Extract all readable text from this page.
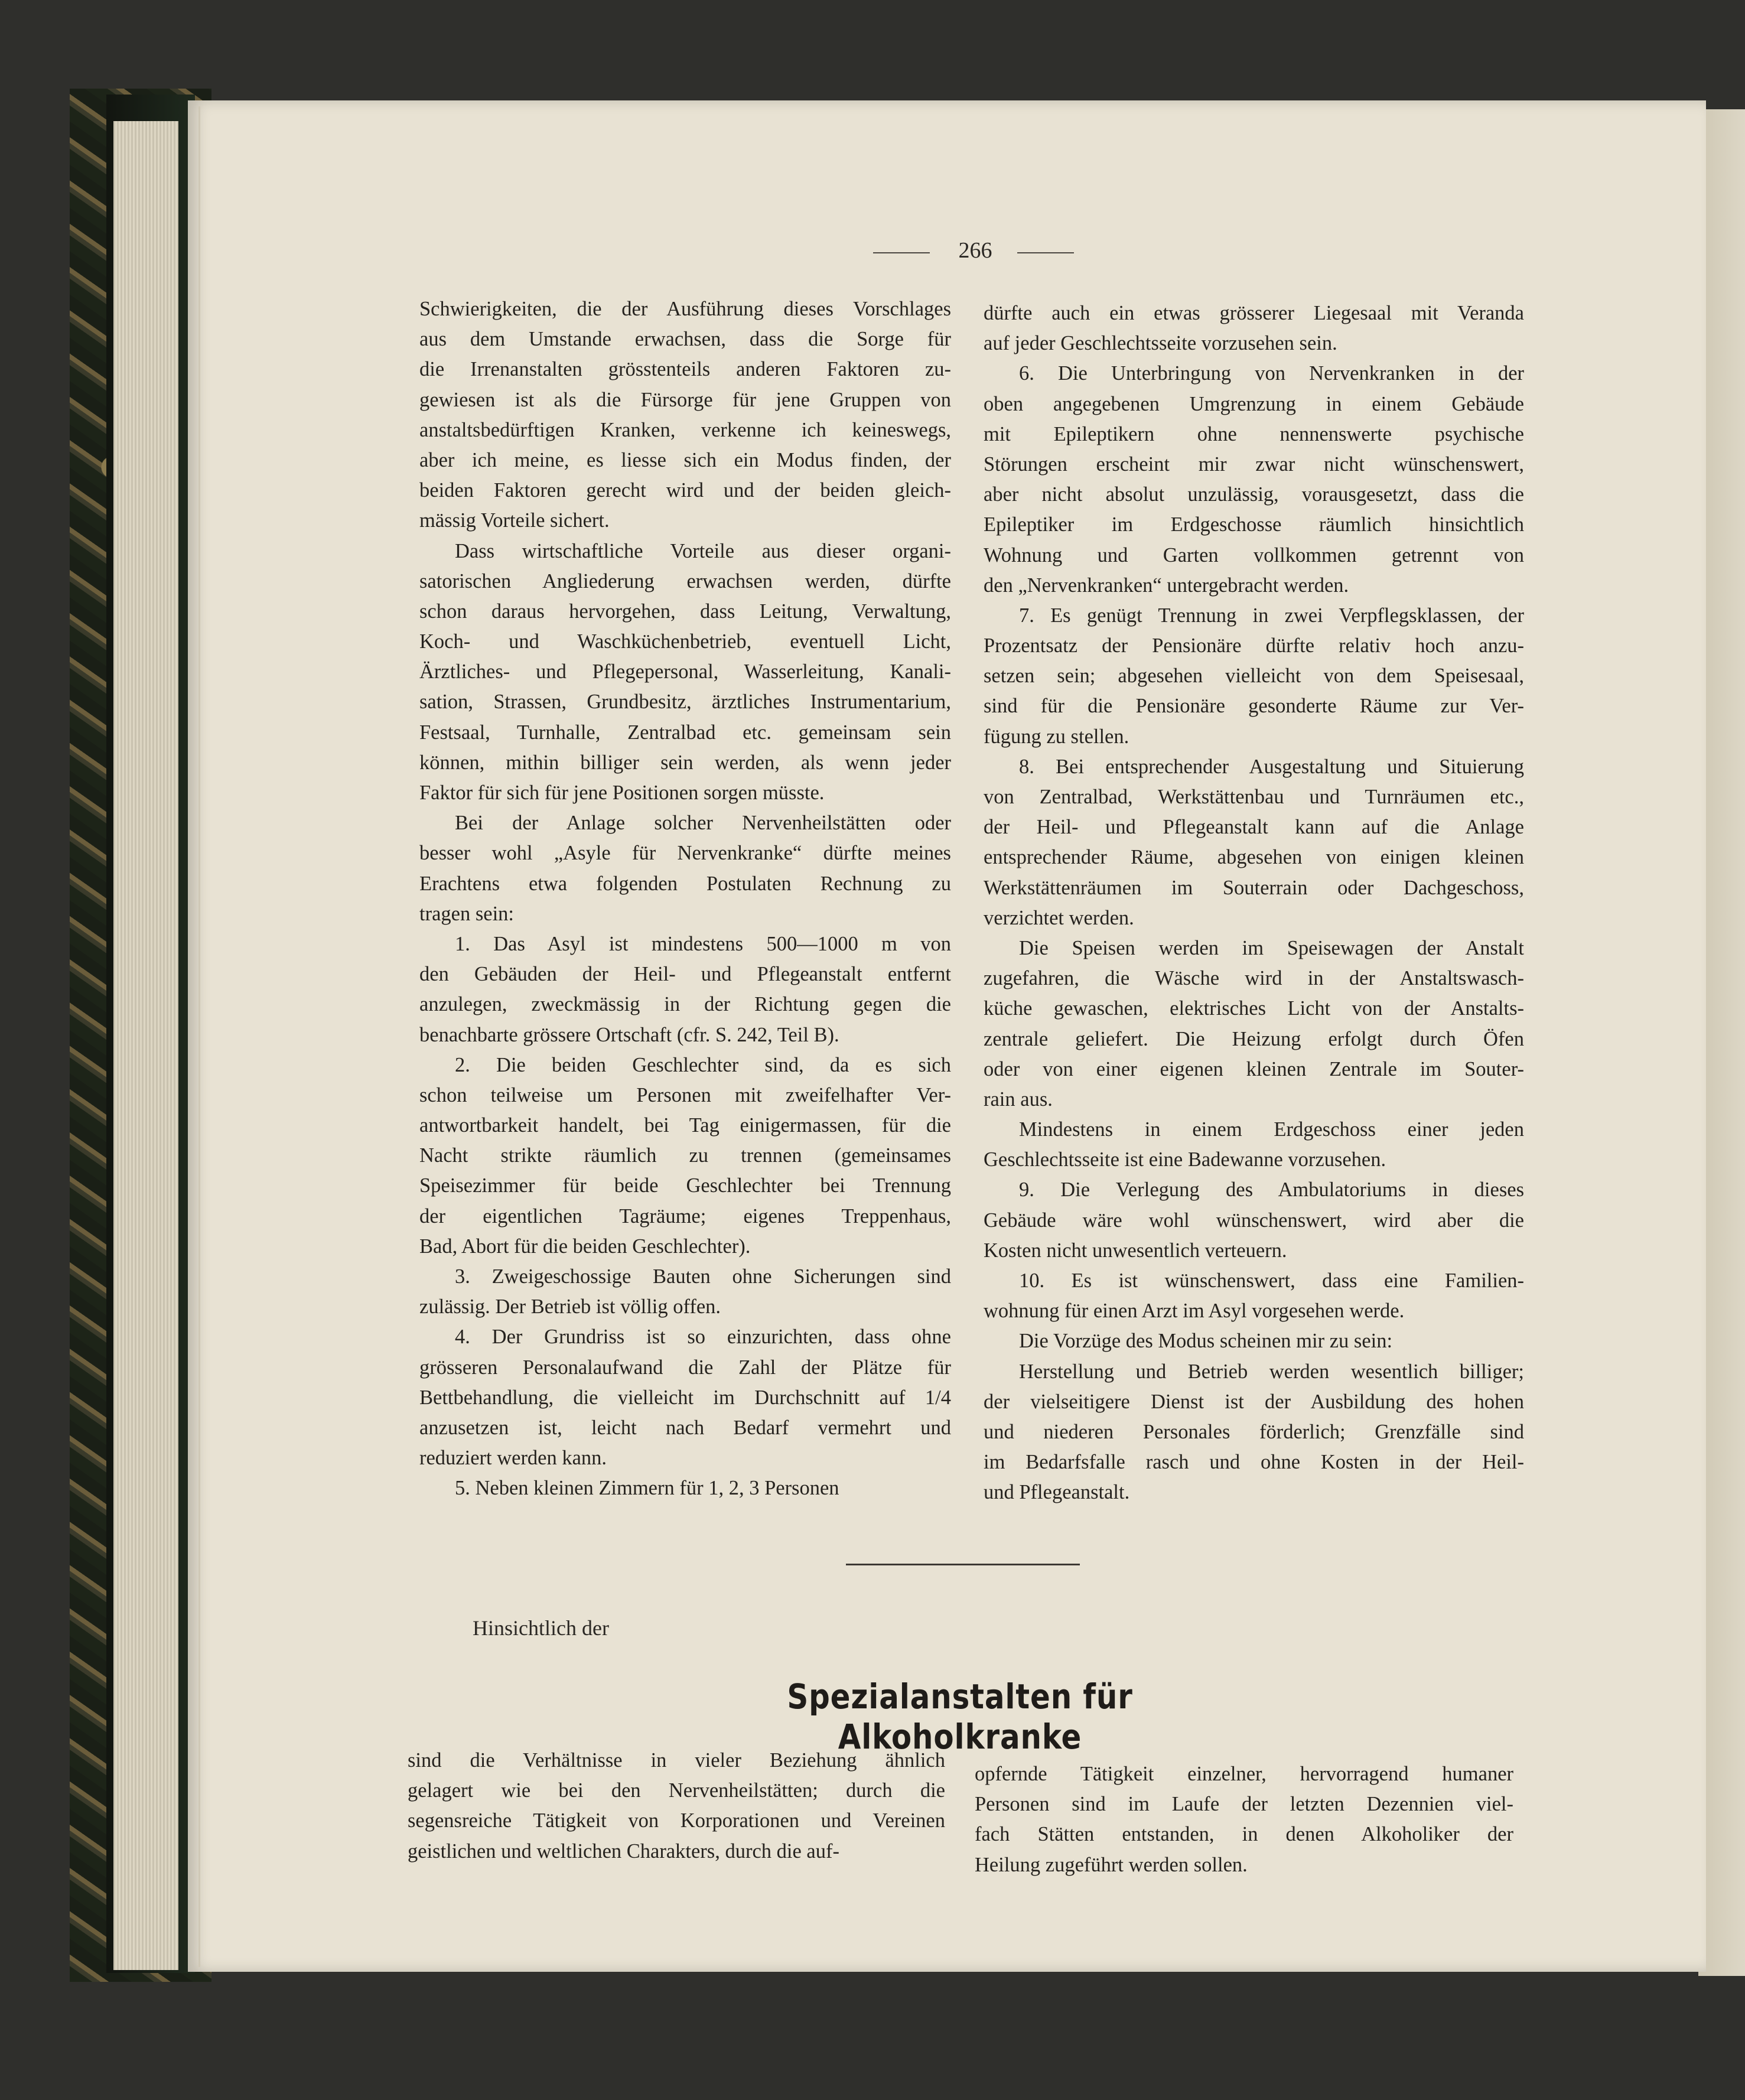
266
Schwierigkeiten, die der Ausführung dieses Vorschlages
aus dem Umstande erwachsen, dass die Sorge für
die Irrenanstalten grösstenteils anderen Faktoren zu-
gewiesen ist als die Fürsorge für jene Gruppen von
anstaltsbedürftigen Kranken, verkenne ich keineswegs,
aber ich meine, es liesse sich ein Modus finden, der
beiden Faktoren gerecht wird und der beiden gleich-
mässig Vorteile sichert.
Dass wirtschaftliche Vorteile aus dieser organi-
satorischen Angliederung erwachsen werden, dürfte
schon daraus hervorgehen, dass Leitung, Verwaltung,
Koch- und Waschküchenbetrieb, eventuell Licht,
Ärztliches- und Pflegepersonal, Wasserleitung, Kanali-
sation, Strassen, Grundbesitz, ärztliches Instrumentarium,
Festsaal, Turnhalle, Zentralbad etc. gemeinsam sein
können, mithin billiger sein werden, als wenn jeder
Faktor für sich für jene Positionen sorgen müsste.
Bei der Anlage solcher Nervenheilstätten oder
besser wohl „Asyle für Nervenkranke“ dürfte meines
Erachtens etwa folgenden Postulaten Rechnung zu
tragen sein:
1. Das Asyl ist mindestens 500—1000 m von
den Gebäuden der Heil- und Pflegeanstalt entfernt
anzulegen, zweckmässig in der Richtung gegen die
benachbarte grössere Ortschaft (cfr. S. 242, Teil B).
2. Die beiden Geschlechter sind, da es sich
schon teilweise um Personen mit zweifelhafter Ver-
antwortbarkeit handelt, bei Tag einigermassen, für die
Nacht strikte räumlich zu trennen (gemeinsames
Speisezimmer für beide Geschlechter bei Trennung
der eigentlichen Tagräume; eigenes Treppenhaus,
Bad, Abort für die beiden Geschlechter).
3. Zweigeschossige Bauten ohne Sicherungen sind
zulässig. Der Betrieb ist völlig offen.
4. Der Grundriss ist so einzurichten, dass ohne
grösseren Personalaufwand die Zahl der Plätze für
Bettbehandlung, die vielleicht im Durchschnitt auf 1/4
anzusetzen ist, leicht nach Bedarf vermehrt und
reduziert werden kann.
5. Neben kleinen Zimmern für 1, 2, 3 Personen
dürfte auch ein etwas grösserer Liegesaal mit Veranda
auf jeder Geschlechtsseite vorzusehen sein.
6. Die Unterbringung von Nervenkranken in der
oben angegebenen Umgrenzung in einem Gebäude
mit Epileptikern ohne nennenswerte psychische
Störungen erscheint mir zwar nicht wünschenswert,
aber nicht absolut unzulässig, vorausgesetzt, dass die
Epileptiker im Erdgeschosse räumlich hinsichtlich
Wohnung und Garten vollkommen getrennt von
den „Nervenkranken“ untergebracht werden.
7. Es genügt Trennung in zwei Verpflegsklassen, der
Prozentsatz der Pensionäre dürfte relativ hoch anzu-
setzen sein; abgesehen vielleicht von dem Speisesaal,
sind für die Pensionäre gesonderte Räume zur Ver-
fügung zu stellen.
8. Bei entsprechender Ausgestaltung und Situierung
von Zentralbad, Werkstättenbau und Turnräumen etc.,
der Heil- und Pflegeanstalt kann auf die Anlage
entsprechender Räume, abgesehen von einigen kleinen
Werkstättenräumen im Souterrain oder Dachgeschoss,
verzichtet werden.
Die Speisen werden im Speisewagen der Anstalt
zugefahren, die Wäsche wird in der Anstaltswasch-
küche gewaschen, elektrisches Licht von der Anstalts-
zentrale geliefert. Die Heizung erfolgt durch Öfen
oder von einer eigenen kleinen Zentrale im Souter-
rain aus.
Mindestens in einem Erdgeschoss einer jeden
Geschlechtsseite ist eine Badewanne vorzusehen.
9. Die Verlegung des Ambulatoriums in dieses
Gebäude wäre wohl wünschenswert, wird aber die
Kosten nicht unwesentlich verteuern.
10. Es ist wünschenswert, dass eine Familien-
wohnung für einen Arzt im Asyl vorgesehen werde.
Die Vorzüge des Modus scheinen mir zu sein:
Herstellung und Betrieb werden wesentlich billiger;
der vielseitigere Dienst ist der Ausbildung des hohen
und niederen Personales förderlich; Grenzfälle sind
im Bedarfsfalle rasch und ohne Kosten in der Heil-
und Pflegeanstalt.
Hinsichtlich der
Spezialanstalten für Alkoholkranke
sind die Verhältnisse in vieler Beziehung ähnlich
gelagert wie bei den Nervenheilstätten; durch die
segensreiche Tätigkeit von Korporationen und Vereinen
geistlichen und weltlichen Charakters, durch die auf-
opfernde Tätigkeit einzelner, hervorragend humaner
Personen sind im Laufe der letzten Dezennien viel-
fach Stätten entstanden, in denen Alkoholiker der
Heilung zugeführt werden sollen.
